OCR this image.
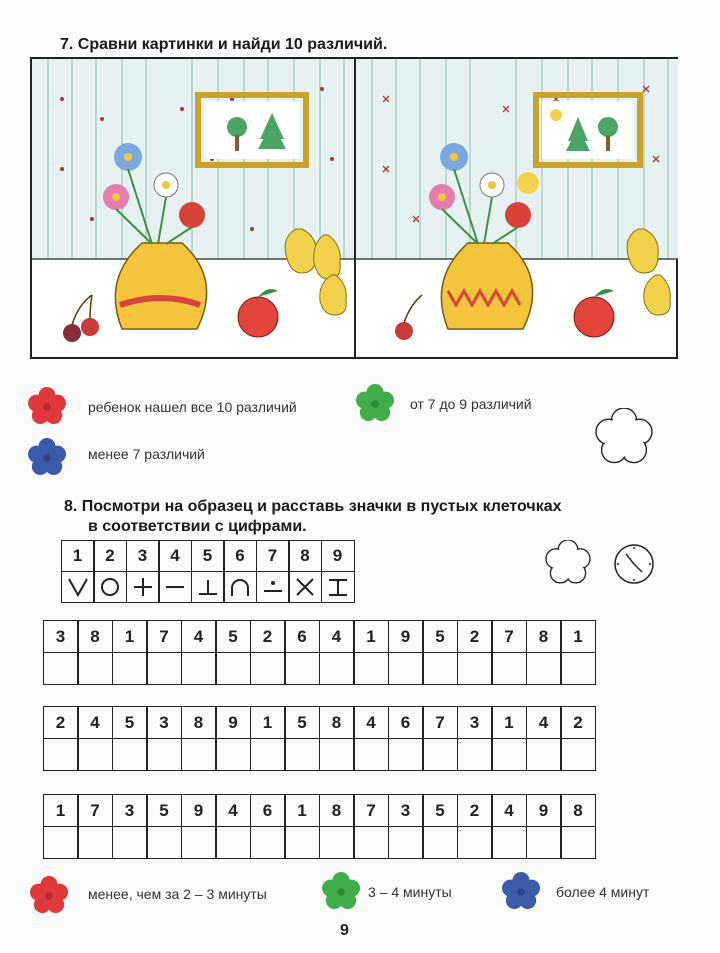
7. Сравни картинки и найди 10 различий.
ребенок нашел все 10 различий	от 7 до 9 различий
менее 7 различий
8. Посмотри на образец и расставь значки в пустых клеточках
в соответствии с цифрами.
1	2	3	4	5	6	7	8	9
3	8	1	7	4	5	2	6	4	1	9	5	2	7	8	1
2	4	5	3	8	9	1	5	8	4	6	7	3	1	4	2
1	7	3	5	9	4	6	1	8	7	3	5	2	4	9	8
менее, чем за 2 – 3 минуты	3 – 4 минуты	более 4 минут
9
